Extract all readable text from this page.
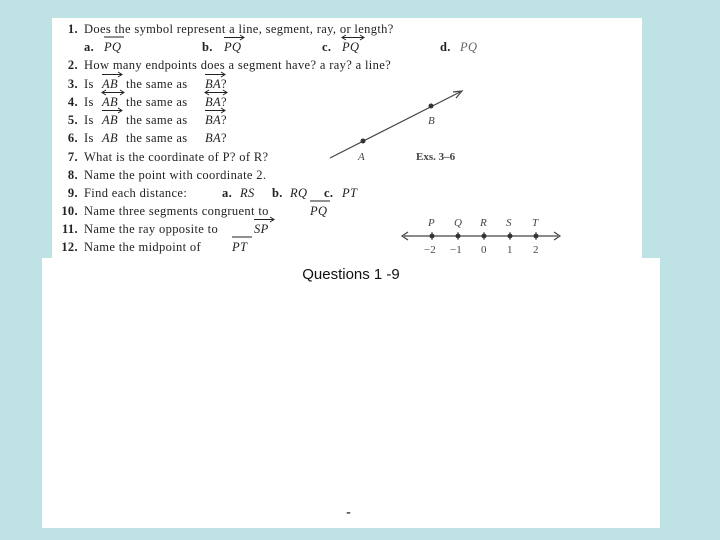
1. Does the symbol represent a line, segment, ray, or length?
a. PQ	b. PQ	c. PQ	d. PQ
2. How many endpoints does a segment have? a ray? a line?
3. Is AB the same as BA?
4. Is AB the same as BA?
5. Is AB the same as BA?
6. Is AB the same as BA?
7. What is the coordinate of P? of R?
8. Name the point with coordinate 2.
9. Find each distance:	a. RS b. RQ c. PT
10. Name three segments congruent to	PQ
11. Name the ray opposite to	SP
12. Name the midpoint of PT
A
B
Exs. 3–6
P Q R S T
−2 −1 0 1 2
Questions 1 -9
-
